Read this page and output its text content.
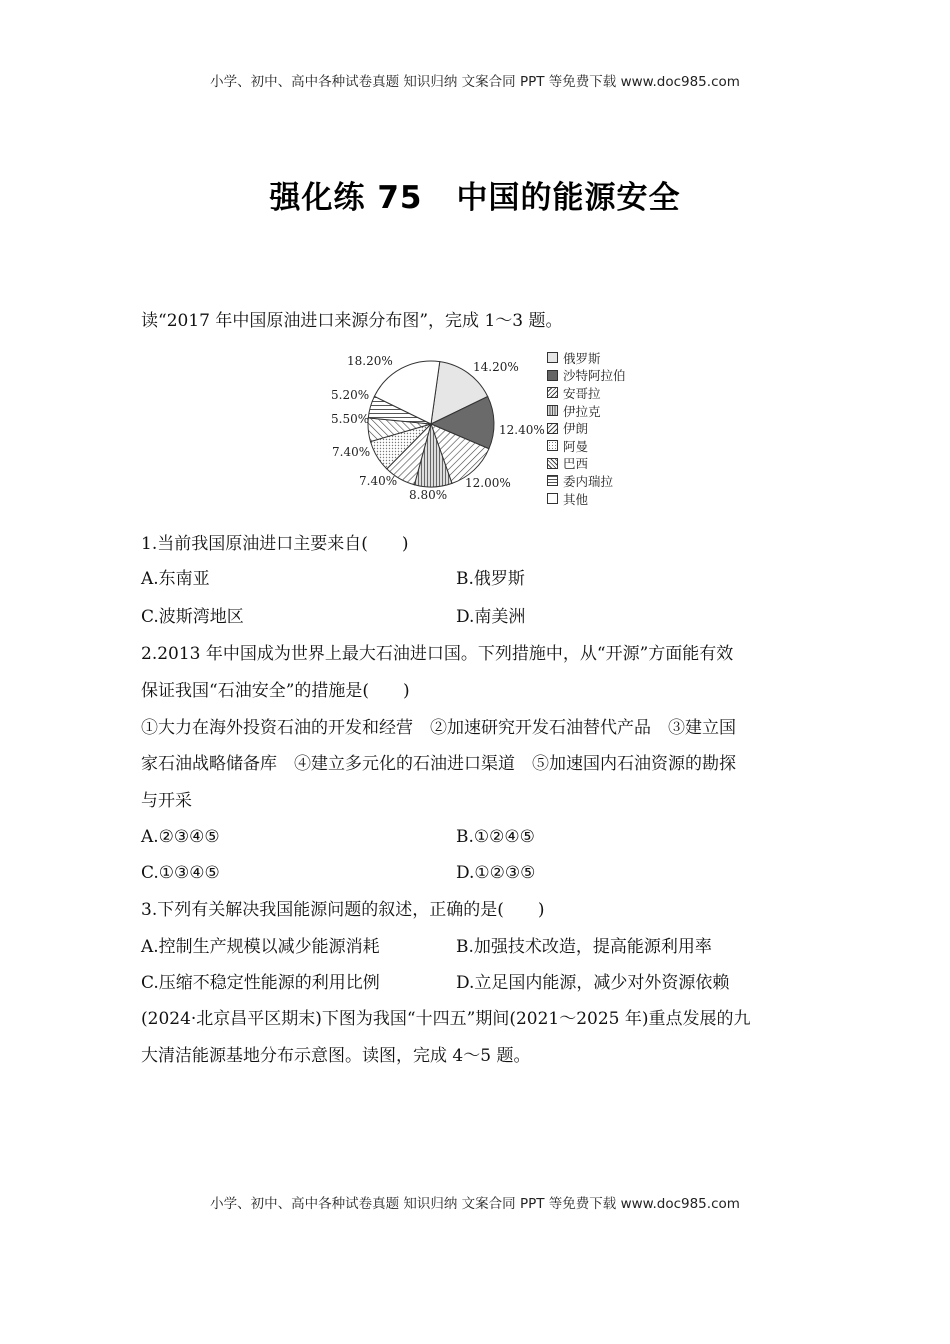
小学、初中、高中各种试卷真题 知识归纳 文案合同 PPT 等免费下载 www.doc985.com
强化练 75 中国的能源安全
读“2017 年中国原油进口来源分布图”，完成 1～3 题。
18.20%	14.20%
12.40%
12.00%
8.80%
7.40%
7.40%
5.50%
5.20%
俄罗斯
沙特阿拉伯
安哥拉
伊拉克
伊朗
阿曼
巴西
委内瑞拉
其他
1.当前我国原油进口主要来自(　　)
A.东南亚	B.俄罗斯
C.波斯湾地区	D.南美洲
2.2013 年中国成为世界上最大石油进口国。下列措施中，从“开源”方面能有效
保证我国“石油安全”的措施是(　　)
①大力在海外投资石油的开发和经营　②加速研究开发石油替代产品　③建立国
家石油战略储备库　④建立多元化的石油进口渠道　⑤加速国内石油资源的勘探
与开采
A.②③④⑤	B.①②④⑤
C.①③④⑤	D.①②③⑤
3.下列有关解决我国能源问题的叙述，正确的是(　　)
A.控制生产规模以减少能源消耗	B.加强技术改造，提高能源利用率
C.压缩不稳定性能源的利用比例	D.立足国内能源，减少对外资源依赖
(2024·北京昌平区期末)下图为我国“十四五”期间(2021～2025 年)重点发展的九
大清洁能源基地分布示意图。读图，完成 4～5 题。
小学、初中、高中各种试卷真题 知识归纳 文案合同 PPT 等免费下载 www.doc985.com
